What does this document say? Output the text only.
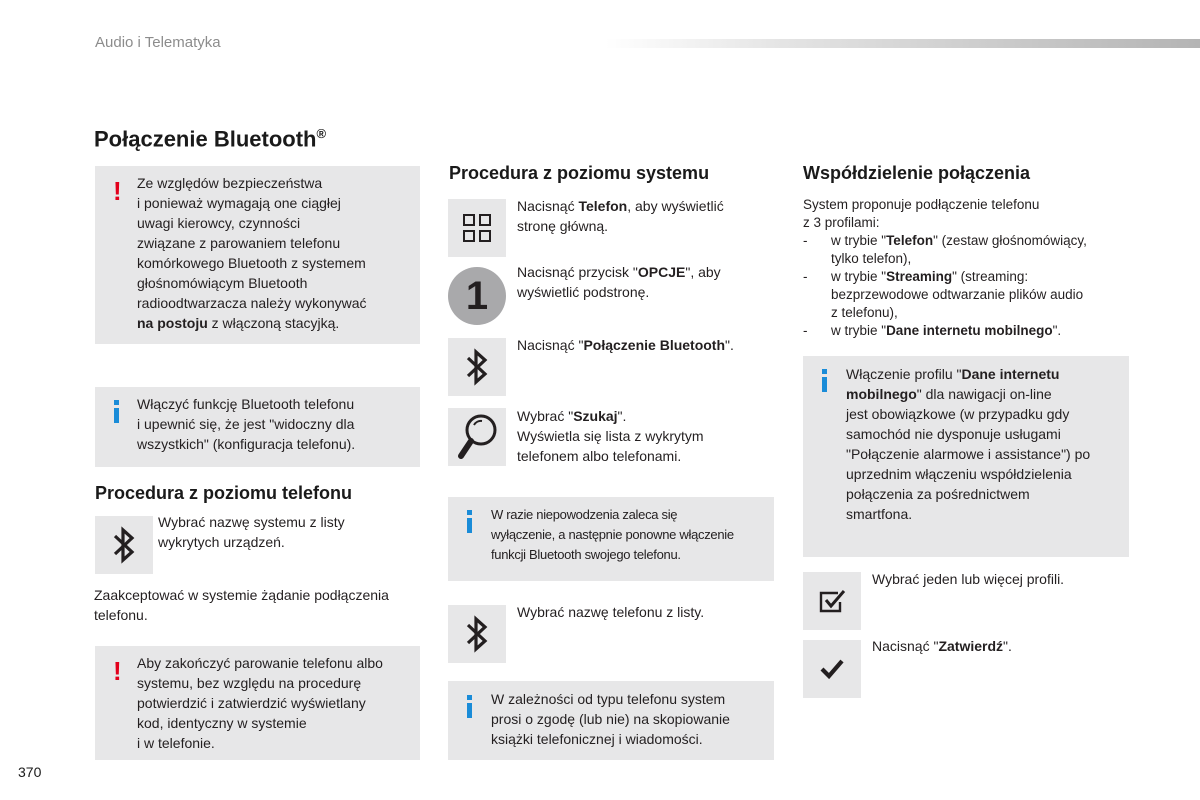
Audio i Telematyka
Połączenie Bluetooth®
! Ze względów bezpieczeństwa
i ponieważ wymagają one ciągłej
uwagi kierowcy, czynności
związane z parowaniem telefonu
komórkowego Bluetooth z systemem
głośnomówiącym Bluetooth
radioodtwarzacza należy wykonywać
na postoju z włączoną stacyjką.
Włączyć funkcję Bluetooth telefonu
i upewnić się, że jest "widoczny dla
wszystkich" (konfiguracja telefonu).
Procedura z poziomu telefonu
Wybrać nazwę systemu z listy
wykrytych urządzeń.
Zaakceptować w systemie żądanie podłączenia
telefonu.
! Aby zakończyć parowanie telefonu albo
systemu, bez względu na procedurę
potwierdzić i zatwierdzić wyświetlany
kod, identyczny w systemie
i w telefonie.
Procedura z poziomu systemu
Nacisnąć Telefon, aby wyświetlić
stronę główną.
1
Nacisnąć przycisk "OPCJE", aby
wyświetlić podstronę.
Nacisnąć "Połączenie Bluetooth".
Wybrać "Szukaj".
Wyświetla się lista z wykrytym
telefonem albo telefonami.
W razie niepowodzenia zaleca się
wyłączenie, a następnie ponowne włączenie
funkcji Bluetooth swojego telefonu.
Wybrać nazwę telefonu z listy.
W zależności od typu telefonu system
prosi o zgodę (lub nie) na skopiowanie
książki telefonicznej i wiadomości.
Współdzielenie połączenia
System proponuje podłączenie telefonu
z 3 profilami:
- w trybie "Telefon" (zestaw głośnomówiący,
tylko telefon),
- w trybie "Streaming" (streaming:
bezprzewodowe odtwarzanie plików audio
z telefonu),
- w trybie "Dane internetu mobilnego".
Włączenie profilu "Dane internetu
mobilnego" dla nawigacji on-line
jest obowiązkowe (w przypadku gdy
samochód nie dysponuje usługami
"Połączenie alarmowe i assistance") po
uprzednim włączeniu współdzielenia
połączenia za pośrednictwem
smartfona.
Wybrać jeden lub więcej profili.
Nacisnąć "Zatwierdź".
370
